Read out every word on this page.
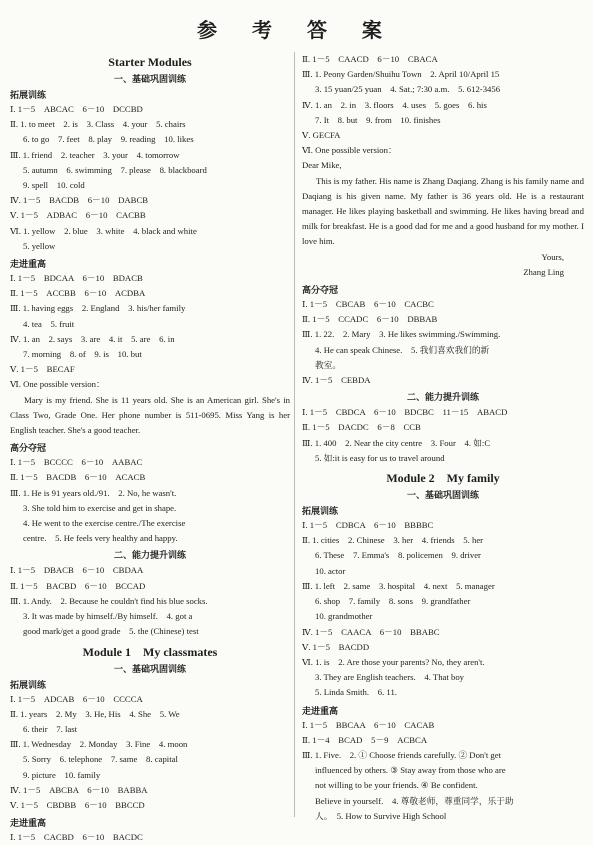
参 考 答 案
Starter Modules
一、基础巩固训练
拓展训练
Ⅰ. 1－5　ABCAC　6－10　DCCBD
Ⅱ. 1. to meet　2. is　3. Class　4. your　5. chairs
6. to go　7. feet　8. play　9. reading　10. likes
Ⅲ. 1. friend　2. teacher　3. your　4. tomorrow
5. autumn　6. swimming　7. please　8. blackboard
9. spell　10. cold
Ⅳ. 1－5　BACDB　6－10　DABCB
Ⅴ. 1－5　ADBAC　6－10　CACBB
Ⅵ. 1. yellow　2. blue　3. white　4. black and white
5. yellow
走进重高
Ⅰ. 1－5　BDCAA　6－10　BDACB
Ⅱ. 1－5　ACCBB　6－10　ACDBA
Ⅲ. 1. having eggs　2. England　3. his/her family
4. tea　5. fruit
Ⅳ. 1. an　2. says　3. are　4. it　5. are　6. in
7. morning　8. of　9. is　10. but
Ⅴ. 1－5　BECAF
Ⅵ. One possible version：
Mary is my friend. She is 11 years old. She is an American girl. She's in Class Two, Grade One. Her phone number is 511-0695. Miss Yang is her English teacher. She's a good teacher.
高分夺冠
Ⅰ. 1－5　BCCCC　6－10　AABAC
Ⅱ. 1－5　BACDB　6－10　ACACB
Ⅲ. 1. He is 91 years old./91.　2. No, he wasn't.
3. She told him to exercise and get in shape.
4. He went to the exercise centre./The exercise
centre.　5. He feels very healthy and happy.
二、能力提升训练
Ⅰ. 1－5　DBACB　6－10　CBDAA
Ⅱ. 1－5　BACBD　6－10　BCCAD
Ⅲ. 1. Andy.　2. Because he couldn't find his blue socks.
3. It was made by himself./By himself.　4. got a
good mark/get a good grade　5. the (Chinese) test
Module 1　My classmates
一、基础巩固训练
拓展训练
Ⅰ. 1－5　ADCAB　6－10　CCCCA
Ⅱ. 1. years　2. My　3. He, His　4. She　5. We
6. their　7. last
Ⅲ. 1. Wednesday　2. Monday　3. Fine　4. moon
5. Sorry　6. telephone　7. same　8. capital
9. picture　10. family
Ⅳ. 1－5　ABCBA　6－10　BABBA
Ⅴ. 1－5　CBDBB　6－10　BBCCD
走进重高
Ⅰ. 1－5　CACBD　6－10　BACDC
Ⅱ. 1－5　CAACD　6－10　CBACA
Ⅲ. 1. Peony Garden/Shuihu Town　2. April 10/April 15
3. 15 yuan/25 yuan　4. Sat.; 7:30 a.m.　5. 612-3456
Ⅳ. 1. an　2. in　3. floors　4. uses　5. goes　6. his
7. It　8. but　9. from　10. finishes
Ⅴ. GECFA
Ⅵ. One possible version：
Dear Mike,
This is my father. His name is Zhang Daqiang. Zhang is his family name and Daqiang is his given name. My father is 36 years old. He is a restaurant manager. He likes playing basketball and swimming. He likes having bread and milk for breakfast. He is a good dad for me and a good husband for my mother. I love him.
Yours,
Zhang Ling
高分夺冠
Ⅰ. 1－5　CBCAB　6－10　CACBC
Ⅱ. 1－5　CCADC　6－10　DBBAB
Ⅲ. 1. 22.　2. Mary　3. He likes swimming./Swimming.
4. He can speak Chinese.　5. 我们喜欢我们的新
教室。
Ⅳ. 1－5　CEBDA
二、能力提升训练
Ⅰ. 1－5　CBDCA　6－10　BDCBC　11－15　ABACD
Ⅱ. 1－5　DACDC　6－8　CCB
Ⅲ. 1. 400　2. Near the city centre　3. Four　4. 如:C
5. 如:it is easy for us to travel around
Module 2　My family
一、基础巩固训练
拓展训练
Ⅰ. 1－5　CDBCA　6－10　BBBBC
Ⅱ. 1. cities　2. Chinese　3. her　4. friends　5. her
6. These　7. Emma's　8. policemen　9. driver
10. actor
Ⅲ. 1. left　2. same　3. hospital　4. next　5. manager
6. shop　7. family　8. sons　9. grandfather
10. grandmother
Ⅳ. 1－5　CAACA　6－10　BBABC
Ⅴ. 1－5　BACDD
Ⅵ. 1. is　2. Are those your parents? No, they aren't.
3. They are English teachers.　4. That boy
5. Linda Smith.　6. 11.
走进重高
Ⅰ. 1－5　BBCAA　6－10　CACAB
Ⅱ. 1－4　BCAD　5－9　ACBCA
Ⅲ. 1. Five.　2. ① Choose friends carefully. ② Don't get
influenced by others. ③ Stay away from those who are
not willing to be your friends. ④ Be confident.
Believe in yourself.　4. 尊敬老师，尊重同学，乐于助
人。　5. How to Survive High School
